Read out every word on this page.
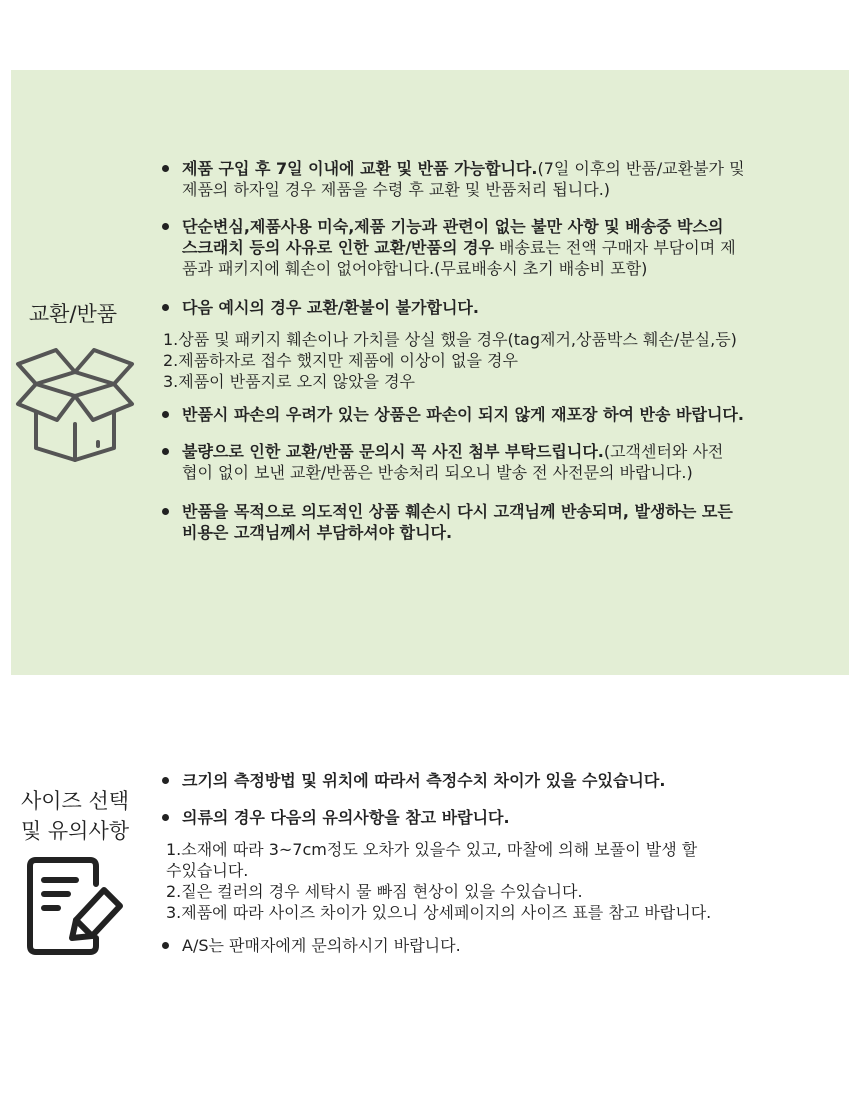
교환/반품
제품 구입 후 7일 이내에 교환 및 반품 가능합니다.(7일 이후의 반품/교환불가 및
제품의 하자일 경우 제품을 수령 후 교환 및 반품처리 됩니다.)
단순변심,제품사용 미숙,제품 기능과 관련이 없는 불만 사항 및 배송중 박스의
스크래치 등의 사유로 인한 교환/반품의 경우 배송료는 전액 구매자 부담이며 제
품과 패키지에 훼손이 없어야합니다.(무료배송시 초기 배송비 포함)
다음 예시의 경우 교환/환불이 불가합니다.
1.상품 및 패키지 훼손이나 가치를 상실 했을 경우(tag제거,상품박스 훼손/분실,등)
2.제품하자로 접수 했지만 제품에 이상이 없을 경우
3.제품이 반품지로 오지 않았을 경우
반품시 파손의 우려가 있는 상품은 파손이 되지 않게 재포장 하여 반송 바랍니다.
불량으로 인한 교환/반품 문의시 꼭 사진 첨부 부탁드립니다.(고객센터와 사전
협이 없이 보낸 교환/반품은 반송처리 되오니 발송 전 사전문의 바랍니다.)
반품을 목적으로 의도적인 상품 훼손시 다시 고객님께 반송되며, 발생하는 모든
비용은 고객님께서 부담하셔야 합니다.
사이즈 선택
및 유의사항
크기의 측정방법 및 위치에 따라서 측정수치 차이가 있을 수있습니다.
의류의 경우 다음의 유의사항을 참고 바랍니다.
1.소재에 따라 3~7cm정도 오차가 있을수 있고, 마찰에 의해 보풀이 발생 할
수있습니다.
2.짙은 컬러의 경우 세탁시 물 빠짐 현상이 있을 수있습니다.
3.제품에 따라 사이즈 차이가 있으니 상세페이지의 사이즈 표를 참고 바랍니다.
A/S는 판매자에게 문의하시기 바랍니다.
